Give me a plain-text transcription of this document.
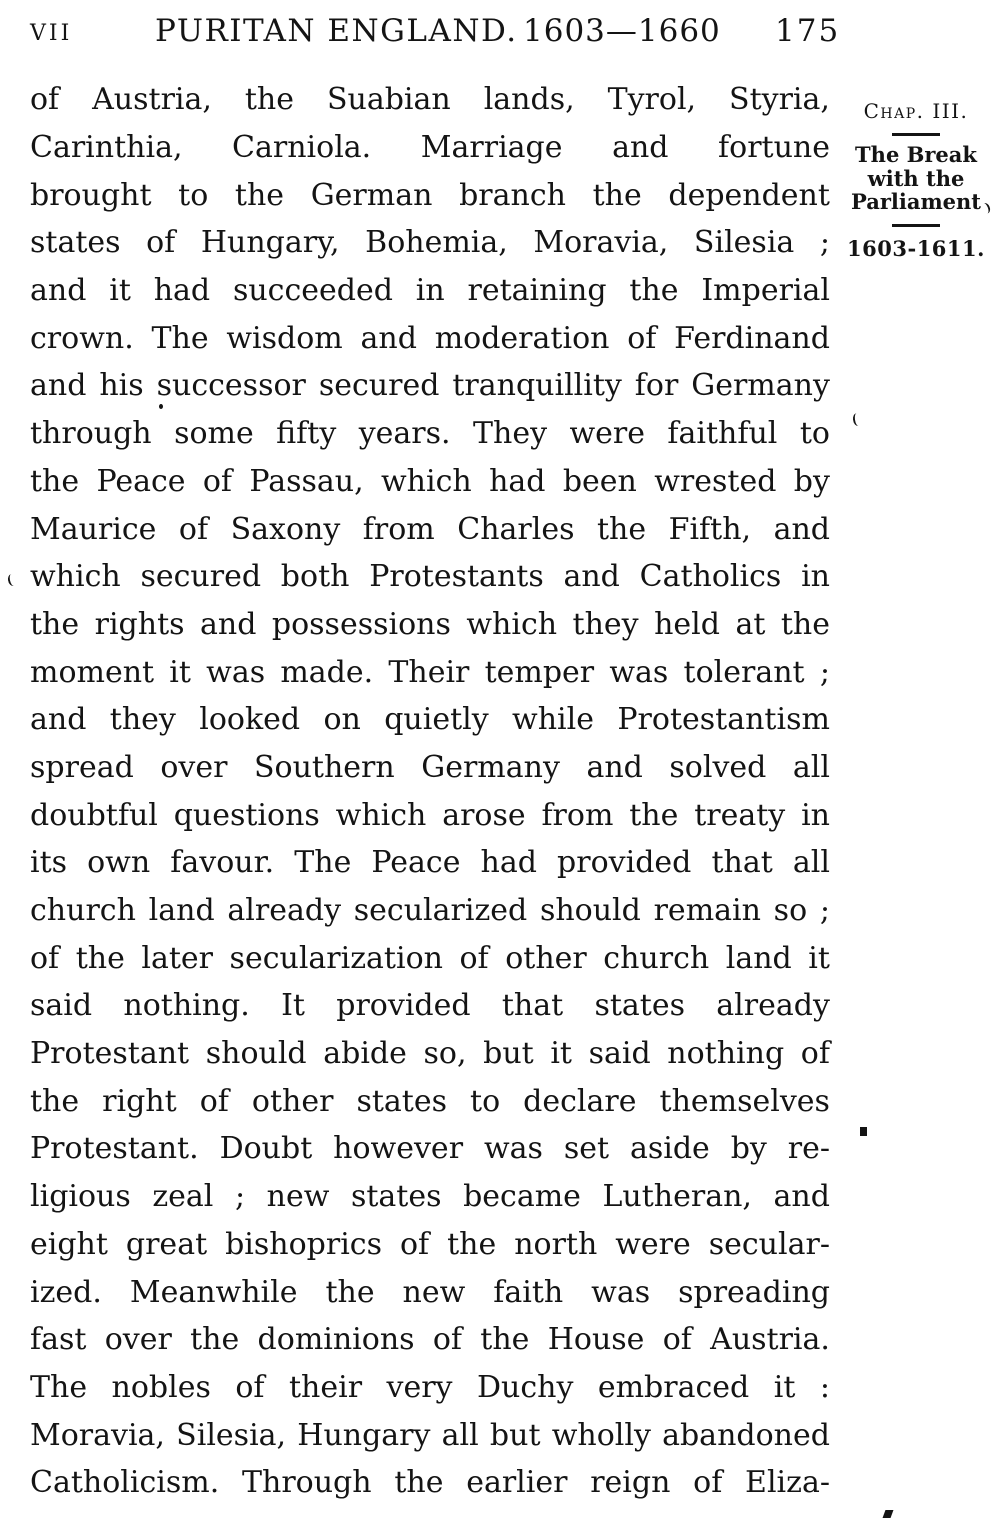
VII	PURITAN ENGLAND. 1603—1660 175
of Austria, the Suabian lands, Tyrol, Styria,
Carinthia, Carniola. Marriage and fortune
brought to the German branch the dependent
states of Hungary, Bohemia, Moravia, Silesia ;
and it had succeeded in retaining the Imperial
crown. The wisdom and moderation of Ferdinand
and his successor secured tranquillity for Germany
through some fifty years. They were faithful to
the Peace of Passau, which had been wrested by
Maurice of Saxony from Charles the Fifth, and
which secured both Protestants and Catholics in
the rights and possessions which they held at the
moment it was made. Their temper was tolerant ;
and they looked on quietly while Protestantism
spread over Southern Germany and solved all
doubtful questions which arose from the treaty in
its own favour. The Peace had provided that all
church land already secularized should remain so ;
of the later secularization of other church land it
said nothing. It provided that states already
Protestant should abide so, but it said nothing of
the right of other states to declare themselves
Protestant. Doubt however was set aside by re-
ligious zeal ; new states became Lutheran, and
eight great bishoprics of the north were secular-
ized. Meanwhile the new faith was spreading
fast over the dominions of the House of Austria.
The nobles of their very Duchy embraced it :
Moravia, Silesia, Hungary all but wholly abandoned
Catholicism. Through the earlier reign of Eliza-
Chap. III.
The Break
with the
Parliament
1603-1611.
